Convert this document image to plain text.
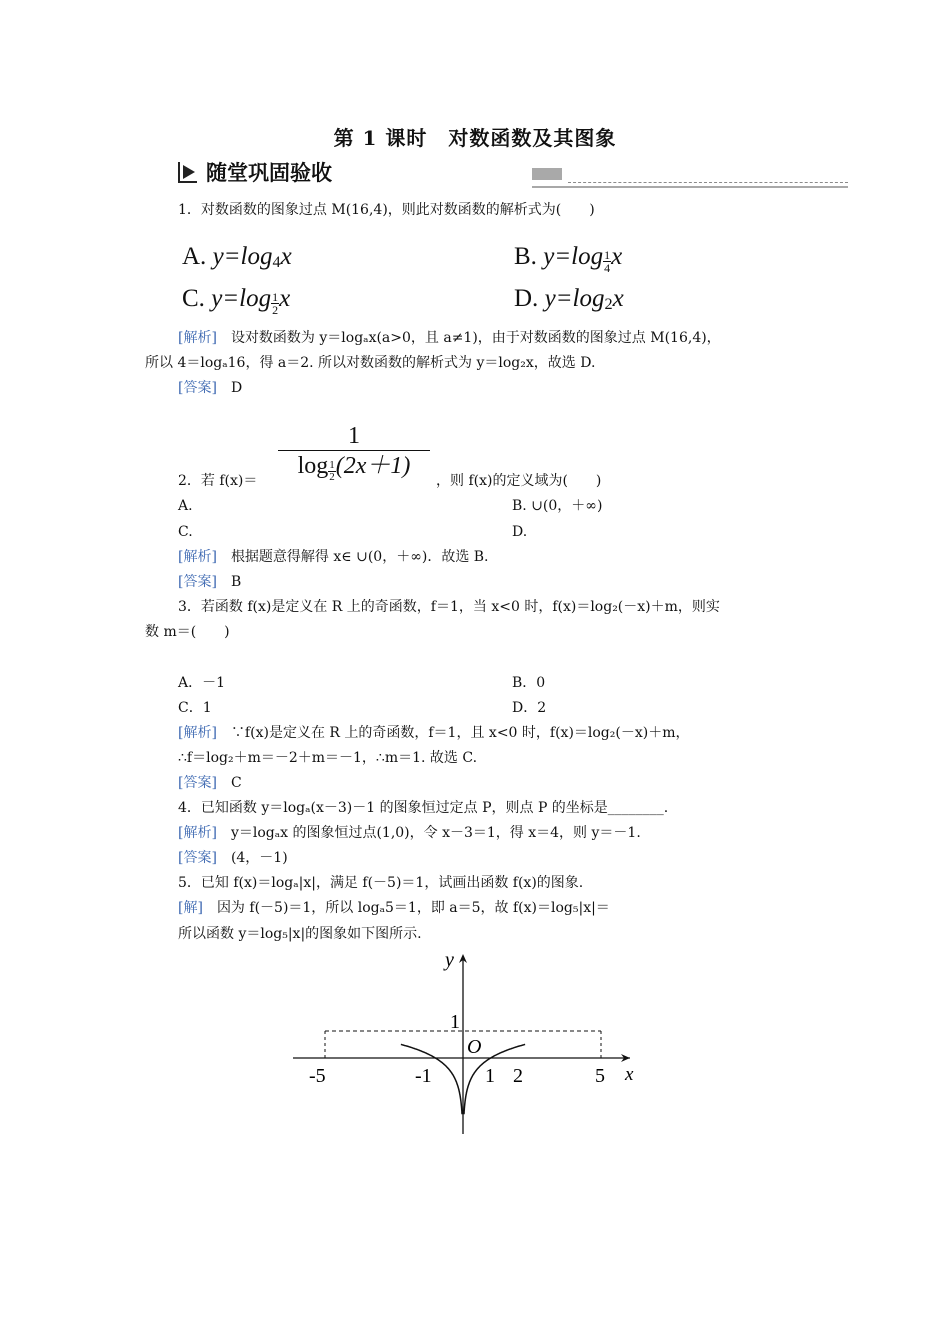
第 1 课时　对数函数及其图象
随堂巩固验收
1．对数函数的图象过点 M(16,4)，则此对数函数的解析式为(　　)
A. $y=\log_4x$	B. $y=\log \frac{1}{4}$ x
C. $y=\log \frac{1}{2}$ x	D. $y=\log_2x$
[解析]　 设对数函数为 y＝logₐx(a>0，且 a≠1)，由于对数函数的图象过点 M(16,4)，
所以 4＝logₐ16，得 a＝2. 所以对数函数的解析式为 y＝log₂x，故选 D.
[答案]　 D
1
$\log \frac{1}{2} (2x+1)$
2．若 f(x)＝	，则 f(x)的定义域为(　　)
A.	B. ∪(0，＋∞)
C.	D.
[解析]　 根据题意得解得 x∈ ∪(0，＋∞)．故选 B.
[答案]　 B
3．若函数 f(x)是定义在 R 上的奇函数，f＝1，当 x<0 时，f(x)＝log₂(－x)＋m，则实
数 m＝(　　)
A．－1	B．0
C．1	D．2
[解析]　 ∵f(x)是定义在 R 上的奇函数，f＝1，且 x<0 时，f(x)＝log₂(－x)＋m，
∴f＝log₂＋m＝－2＋m＝－1，∴m＝1. 故选 C.
[答案]　 C
4．已知函数 y＝logₐ(x－3)－1 的图象恒过定点 P，则点 P 的坐标是________.
[解析]　 y＝logₐx 的图象恒过点(1,0)，令 x－3＝1，得 x＝4，则 y＝－1.
[答案]　 (4，－1)
5．已知 f(x)＝logₐ|x|，满足 f(－5)＝1，试画出函数 f(x)的图象.
[解]　 因为 f(－5)＝1，所以 logₐ5＝1，即 a＝5，故 f(x)＝log₅|x|＝
所以函数 y＝log₅|x|的图象如下图所示.
y
x
O
1
-5	-1	1 2	5
